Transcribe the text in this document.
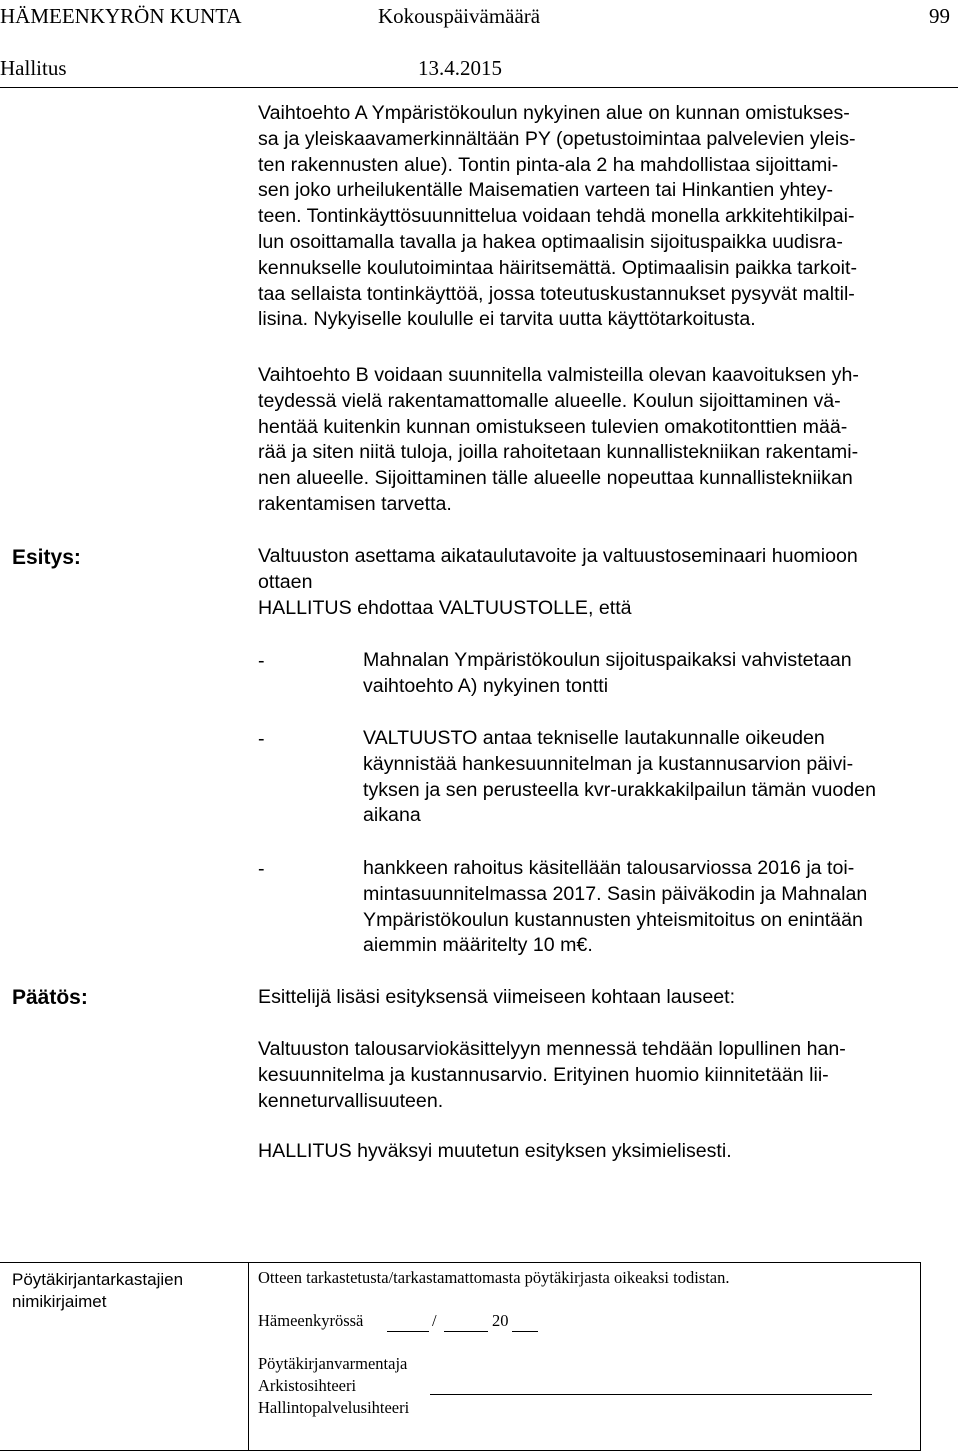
HÄMEENKYRÖN KUNTA	Kokouspäivämäärä	99
Hallitus	13.4.2015
Vaihtoehto A Ympäristökoulun nykyinen alue on kunnan omistukses-
sa ja yleiskaavamerkinnältään PY (opetustoimintaa palvelevien yleis-
ten rakennusten alue). Tontin pinta-ala 2 ha mahdollistaa sijoittami-
sen joko urheilukentälle Maisematien varteen tai Hinkantien yhtey-
teen. Tontinkäyttösuunnittelua voidaan tehdä monella arkkitehtikilpai-
lun osoittamalla tavalla ja hakea optimaalisin sijoituspaikka uudisra-
kennukselle koulutoimintaa häiritsemättä. Optimaalisin paikka tarkoit-
taa sellaista tontinkäyttöä, jossa toteutuskustannukset pysyvät maltil-
lisina. Nykyiselle koululle ei tarvita uutta käyttötarkoitusta.
Vaihtoehto B voidaan suunnitella valmisteilla olevan kaavoituksen yh-
teydessä vielä rakentamattomalle alueelle. Koulun sijoittaminen vä-
hentää kuitenkin kunnan omistukseen tulevien omakotitonttien mää-
rää ja siten niitä tuloja, joilla rahoitetaan kunnallistekniikan rakentami-
nen alueelle. Sijoittaminen tälle alueelle nopeuttaa kunnallistekniikan
rakentamisen tarvetta.
Esitys:	Valtuuston asettama aikataulutavoite ja valtuustoseminaari huomioon
ottaen
HALLITUS ehdottaa VALTUUSTOLLE, että
-	Mahnalan Ympäristökoulun sijoituspaikaksi vahvistetaan
vaihtoehto A) nykyinen tontti
-	VALTUUSTO antaa tekniselle lautakunnalle oikeuden
käynnistää hankesuunnitelman ja kustannusarvion päivi-
tyksen ja sen perusteella kvr-urakkakilpailun tämän vuoden
aikana
-	hankkeen rahoitus käsitellään talousarviossa 2016 ja toi-
mintasuunnitelmassa 2017. Sasin päiväkodin ja Mahnalan
Ympäristökoulun kustannusten yhteismitoitus on enintään
aiemmin määritelty 10 m€.
Päätös:	Esittelijä lisäsi esityksensä viimeiseen kohtaan lauseet:
Valtuuston talousarviokäsittelyyn mennessä tehdään lopullinen han-
kesuunnitelma ja kustannusarvio. Erityinen huomio kiinnitetään lii-
kenneturvallisuuteen.
HALLITUS hyväksyi muutetun esityksen yksimielisesti.
Pöytäkirjantarkastajien
nimikirjaimet
Otteen tarkastetusta/tarkastamattomasta pöytäkirjasta oikeaksi todistan.
Hämeenkyrössä	/	20
Pöytäkirjanvarmentaja
Arkistosihteeri
Hallintopalvelusihteeri
